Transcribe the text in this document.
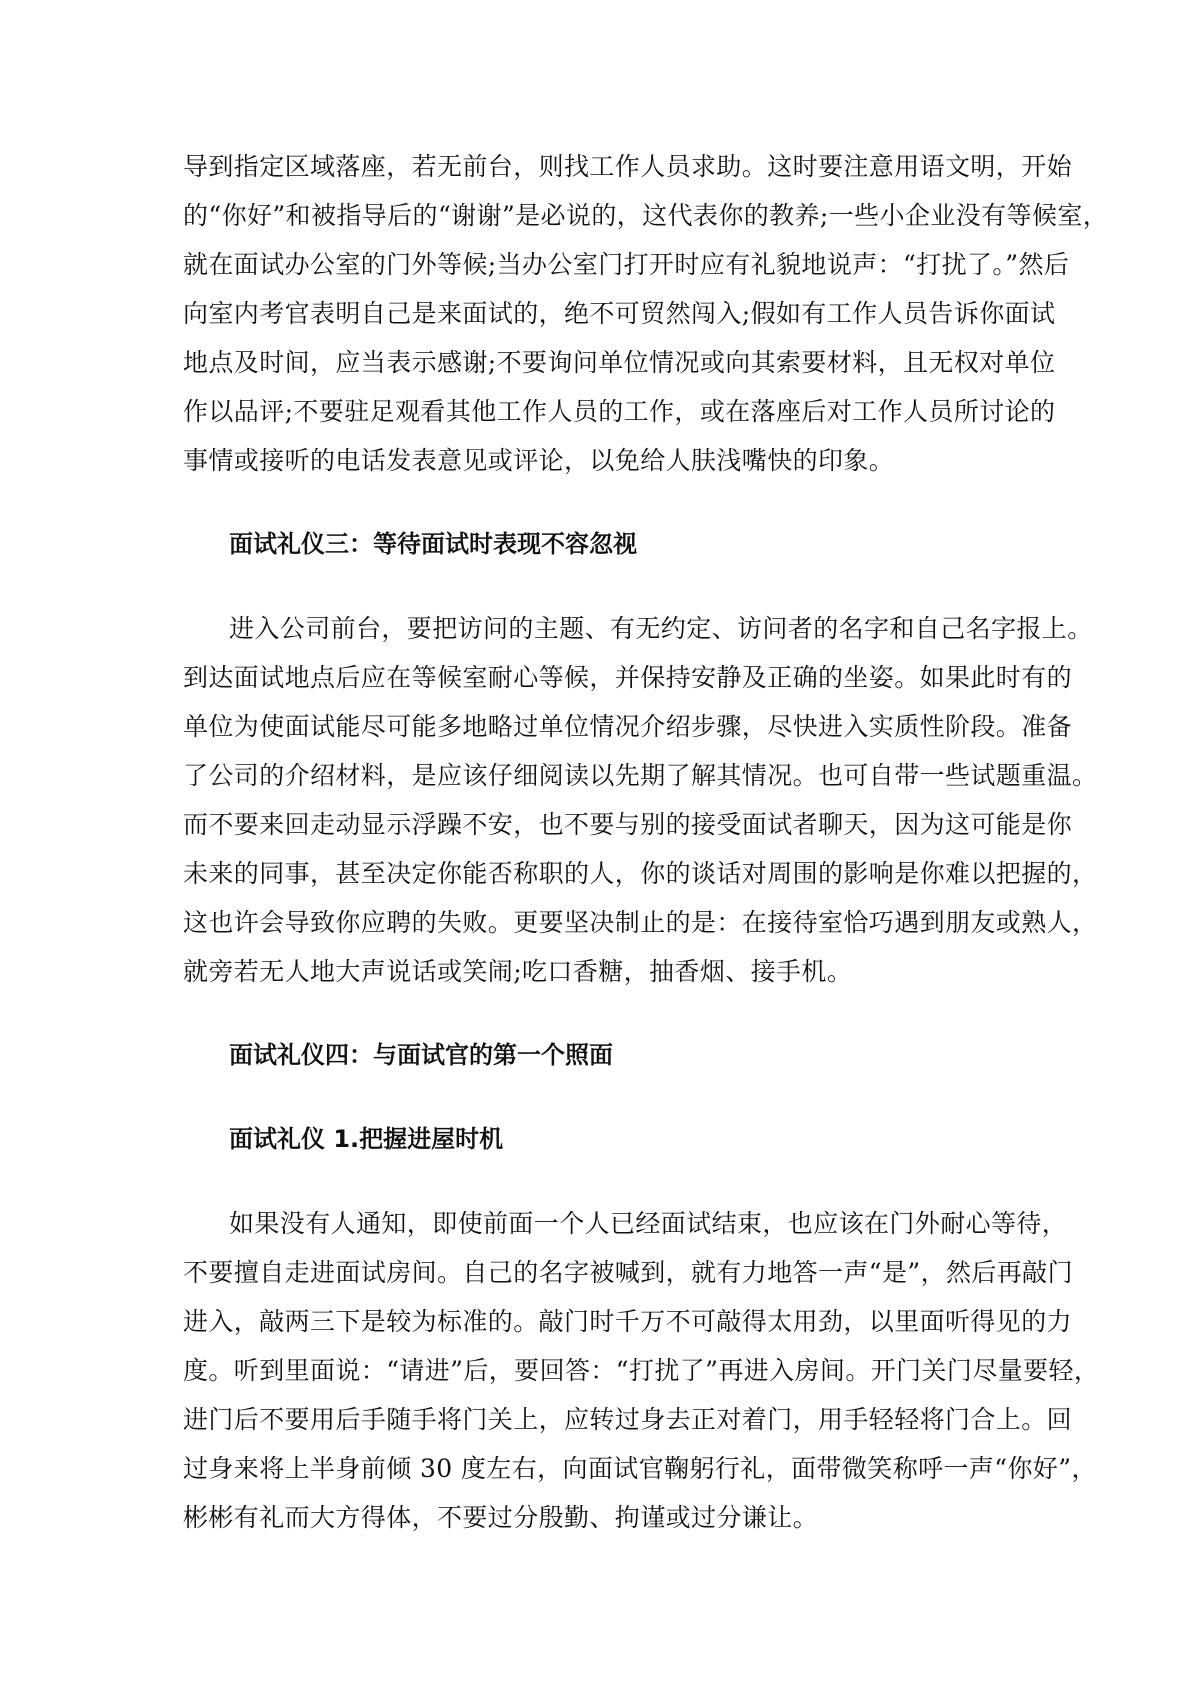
导到指定区域落座，若无前台，则找工作人员求助。这时要注意用语文明，开始
的“你好”和被指导后的“谢谢”是必说的，这代表你的教养;一些小企业没有等候室，
就在面试办公室的门外等候;当办公室门打开时应有礼貌地说声：“打扰了。”然后
向室内考官表明自己是来面试的，绝不可贸然闯入;假如有工作人员告诉你面试
地点及时间，应当表示感谢;不要询问单位情况或向其索要材料，且无权对单位
作以品评;不要驻足观看其他工作人员的工作，或在落座后对工作人员所讨论的
事情或接听的电话发表意见或评论，以免给人肤浅嘴快的印象。
面试礼仪三：等待面试时表现不容忽视
进入公司前台，要把访问的主题、有无约定、访问者的名字和自己名字报上。
到达面试地点后应在等候室耐心等候，并保持安静及正确的坐姿。如果此时有的
单位为使面试能尽可能多地略过单位情况介绍步骤，尽快进入实质性阶段。准备
了公司的介绍材料，是应该仔细阅读以先期了解其情况。也可自带一些试题重温。
而不要来回走动显示浮躁不安，也不要与别的接受面试者聊天，因为这可能是你
未来的同事，甚至决定你能否称职的人，你的谈话对周围的影响是你难以把握的，
这也许会导致你应聘的失败。更要坚决制止的是：在接待室恰巧遇到朋友或熟人，
就旁若无人地大声说话或笑闹;吃口香糖，抽香烟、接手机。
面试礼仪四：与面试官的第一个照面
面试礼仪 1.把握进屋时机
如果没有人通知，即使前面一个人已经面试结束，也应该在门外耐心等待，
不要擅自走进面试房间。自己的名字被喊到，就有力地答一声“是”，然后再敲门
进入，敲两三下是较为标准的。敲门时千万不可敲得太用劲，以里面听得见的力
度。听到里面说：“请进”后，要回答：“打扰了”再进入房间。开门关门尽量要轻，
进门后不要用后手随手将门关上，应转过身去正对着门，用手轻轻将门合上。回
过身来将上半身前倾 30 度左右，向面试官鞠躬行礼，面带微笑称呼一声“你好”，
彬彬有礼而大方得体，不要过分殷勤、拘谨或过分谦让。
